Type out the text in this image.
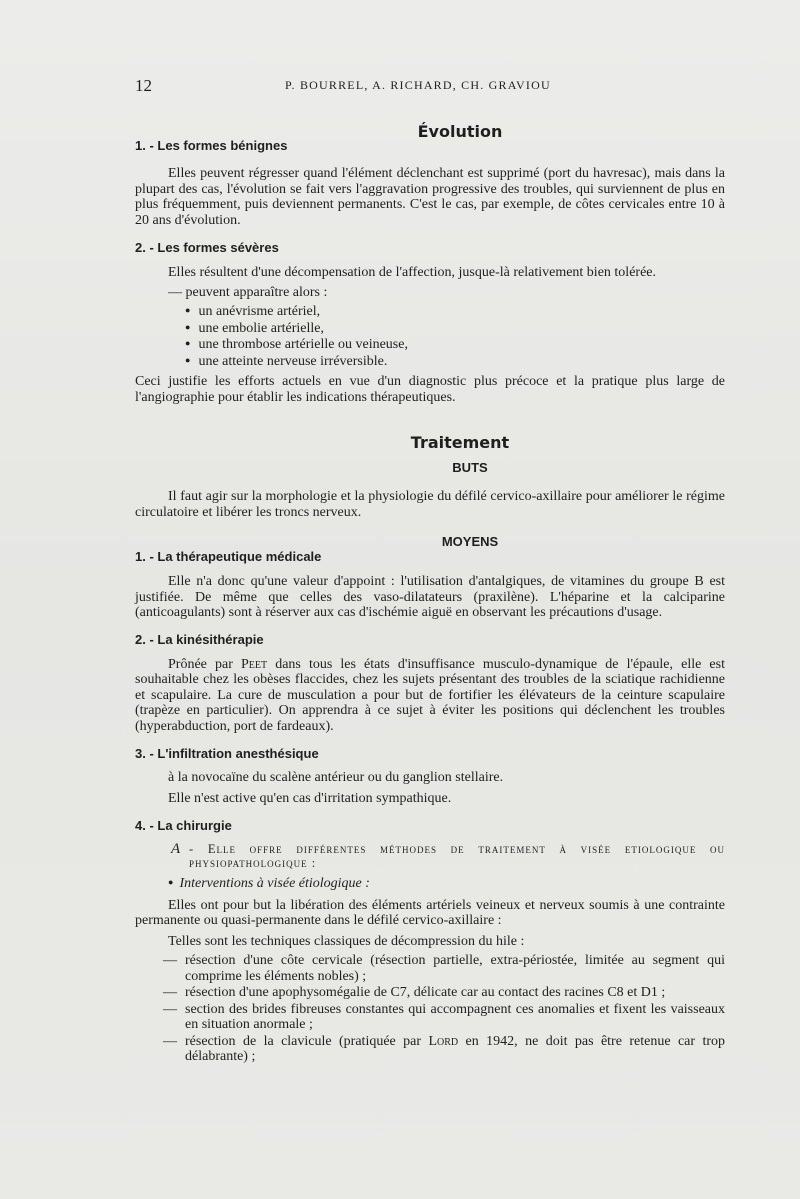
12	P. BOURREL, A. RICHARD, CH. GRAVIOU
Évolution
1. - Les formes bénignes

Elles peuvent régresser quand l'élément déclenchant est supprimé (port du havresac), mais dans la plupart des cas, l'évolution se fait vers l'aggravation progressive des troubles, qui surviennent de plus en plus fréquemment, puis deviennent permanents. C'est le cas, par exemple, de côtes cervicales entre 10 à 20 ans d'évolution.

2. - Les formes sévères

Elles résultent d'une décompensation de l'affection, jusque-là relativement bien tolérée.

— peuvent apparaître alors :

● un anévrisme artériel,
● une embolie artérielle,
● une thrombose artérielle ou veineuse,
● une atteinte nerveuse irréversible.

Ceci justifie les efforts actuels en vue d'un diagnostic plus précoce et la pratique plus large de l'angiographie pour établir les indications thérapeutiques.

Traitement
BUTS

Il faut agir sur la morphologie et la physiologie du défilé cervico-axillaire pour améliorer le régime circulatoire et libérer les troncs nerveux.

MOYENS
1. - La thérapeutique médicale

Elle n'a donc qu'une valeur d'appoint : l'utilisation d'antalgiques, de vitamines du groupe B est justifiée. De même que celles des vaso-dilatateurs (praxilène). L'héparine et la calciparine (anticoagulants) sont à réserver aux cas d'ischémie aiguë en observant les précautions d'usage.

2. - La kinésithérapie

Prônée par Peet dans tous les états d'insuffisance musculo-dynamique de l'épaule, elle est souhaitable chez les obèses flaccides, chez les sujets présentant des troubles de la sciatique rachidienne et scapulaire. La cure de musculation a pour but de fortifier les élévateurs de la ceinture scapulaire (trapèze en particulier). On apprendra à ce sujet à éviter les positions qui déclenchent les troubles (hyperabduction, port de fardeaux).

3. - L'infiltration anesthésique

à la novocaïne du scalène antérieur ou du ganglion stellaire.

Elle n'est active qu'en cas d'irritation sympathique.

4. - La chirurgie
A - Elle offre différentes méthodes de traitement à visée etiologique ou physiopathologique :

● Interventions à visée étiologique :

Elles ont pour but la libération des éléments artériels veineux et nerveux soumis à une contrainte permanente ou quasi-permanente dans le défilé cervico-axillaire :

Telles sont les techniques classiques de décompression du hile :

— résection d'une côte cervicale (résection partielle, extra-périostée, limitée au segment qui comprime les éléments nobles) ;
— résection d'une apophysomégalie de C7, délicate car au contact des racines C8 et D1 ;
— section des brides fibreuses constantes qui accompagnent ces anomalies et fixent les vaisseaux en situation anormale ;
— résection de la clavicule (pratiquée par Lord en 1942, ne doit pas être retenue car trop délabrante) ;
